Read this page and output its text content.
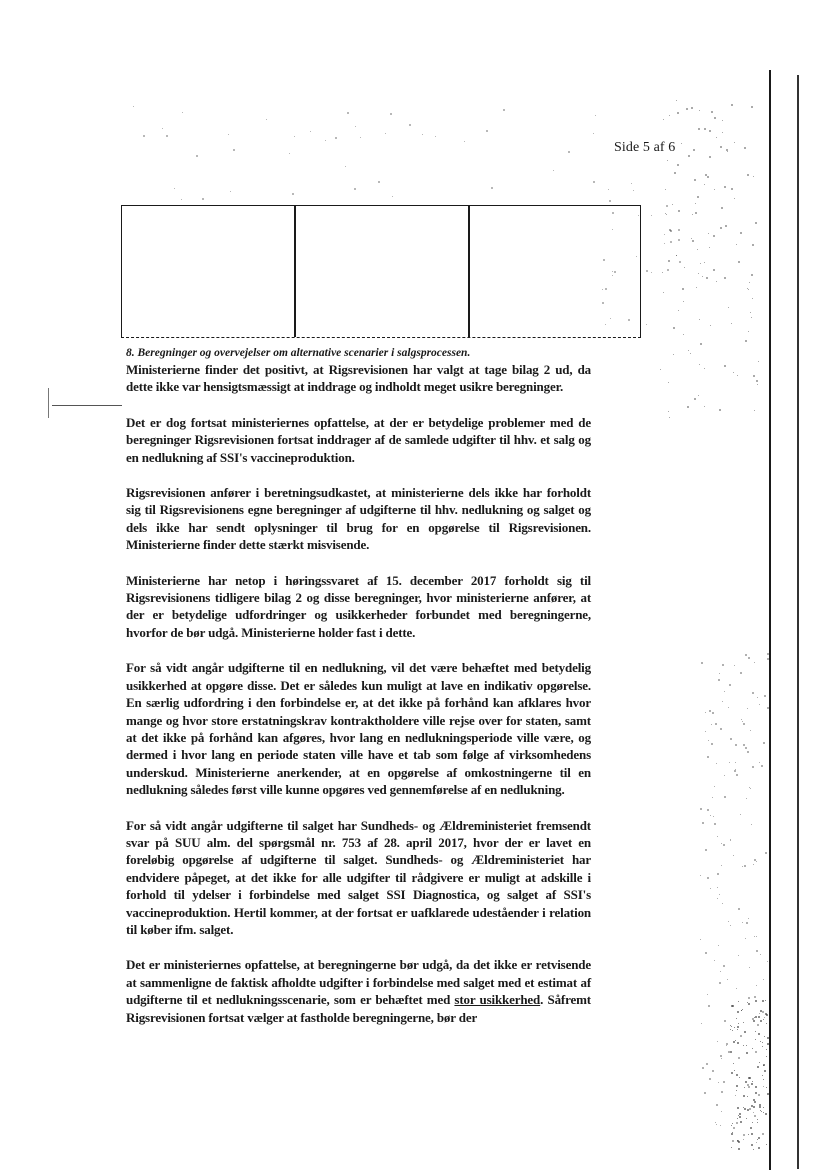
Side 5 af 6

8. Beregninger og overvejelser om alternative scenarier i salgsprocessen.

Ministerierne finder det positivt, at Rigsrevisionen har valgt at tage bilag 2 ud, da dette ikke var hensigtsmæssigt at inddrage og indholdt meget usikre beregninger.

Det er dog fortsat ministeriernes opfattelse, at der er betydelige problemer med de beregninger Rigsrevisionen fortsat inddrager af de samlede udgifter til hhv. et salg og en nedlukning af SSI's vaccineproduktion.

Rigsrevisionen anfører i beretningsudkastet, at ministerierne dels ikke har forholdt sig til Rigsrevisionens egne beregninger af udgifterne til hhv. nedlukning og salget og dels ikke har sendt oplysninger til brug for en opgørelse til Rigsrevisionen. Ministerierne finder dette stærkt misvisende.

Ministerierne har netop i høringssvaret af 15. december 2017 forholdt sig til Rigsrevisionens tidligere bilag 2 og disse beregninger, hvor ministerierne anfører, at der er betydelige udfordringer og usikkerheder forbundet med beregningerne, hvorfor de bør udgå. Ministerierne holder fast i dette.

For så vidt angår udgifterne til en nedlukning, vil det være behæftet med betydelig usikkerhed at opgøre disse. Det er således kun muligt at lave en indikativ opgørelse. En særlig udfordring i den forbindelse er, at det ikke på forhånd kan afklares hvor mange og hvor store erstatningskrav kontraktholdere ville rejse over for staten, samt at det ikke på forhånd kan afgøres, hvor lang en nedlukningsperiode ville være, og dermed i hvor lang en periode staten ville have et tab som følge af virksomhedens underskud. Ministerierne anerkender, at en opgørelse af omkostningerne til en nedlukning således først ville kunne opgøres ved gennemførelse af en nedlukning.

For så vidt angår udgifterne til salget har Sundheds- og Ældreministeriet fremsendt svar på SUU alm. del spørgsmål nr. 753 af 28. april 2017, hvor der er lavet en foreløbig opgørelse af udgifterne til salget. Sundheds- og Ældreministeriet har endvidere påpeget, at det ikke for alle udgifter til rådgivere er muligt at adskille i forhold til ydelser i forbindelse med salget SSI Diagnostica, og salget af SSI's vaccineproduktion. Hertil kommer, at der fortsat er uafklarede udeståender i relation til køber ifm. salget.

Det er ministeriernes opfattelse, at beregningerne bør udgå, da det ikke er retvisende at sammenligne de faktisk afholdte udgifter i forbindelse med salget med et estimat af udgifterne til et nedlukningsscenarie, som er behæftet med stor usikkerhed. Såfremt Rigsrevisionen fortsat vælger at fastholde beregningerne, bør der
